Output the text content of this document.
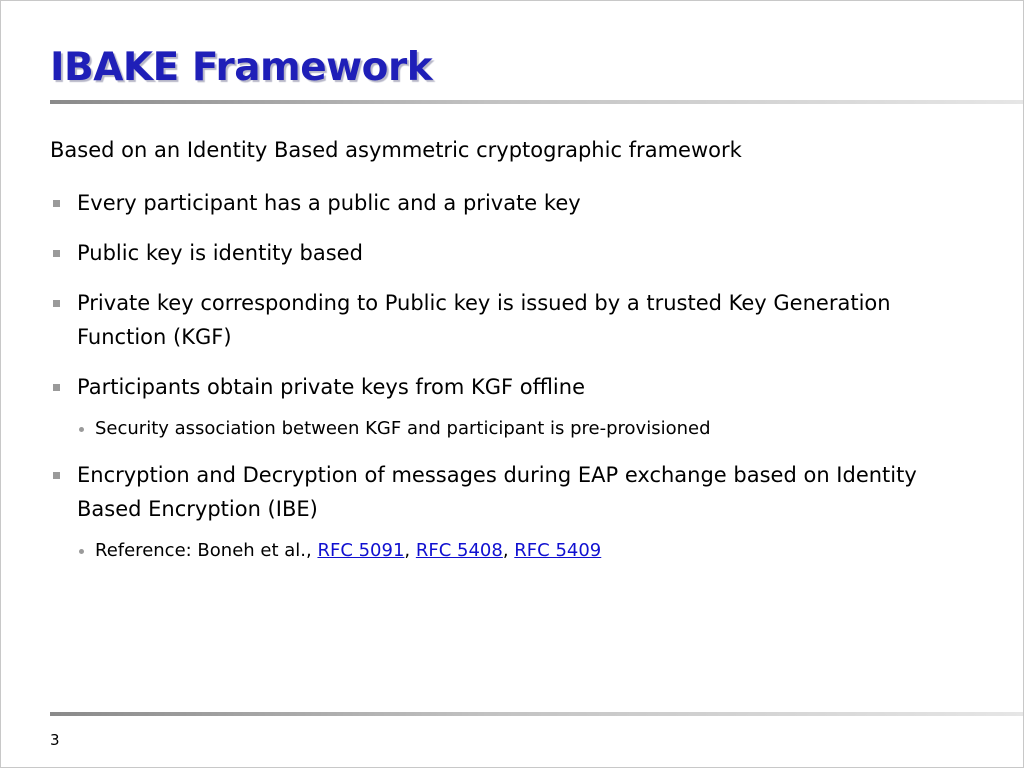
IBAKE Framework

Based on an Identity Based asymmetric cryptographic framework

Every participant has a public and a private key
Public key is identity based
Private key corresponding to Public key is issued by a trusted Key Generation Function (KGF)
Participants obtain private keys from KGF offline
Security association between KGF and participant is pre-provisioned
Encryption and Decryption of messages during EAP exchange based on Identity Based Encryption (IBE)
Reference: Boneh et al., RFC 5091, RFC 5408, RFC 5409
3
